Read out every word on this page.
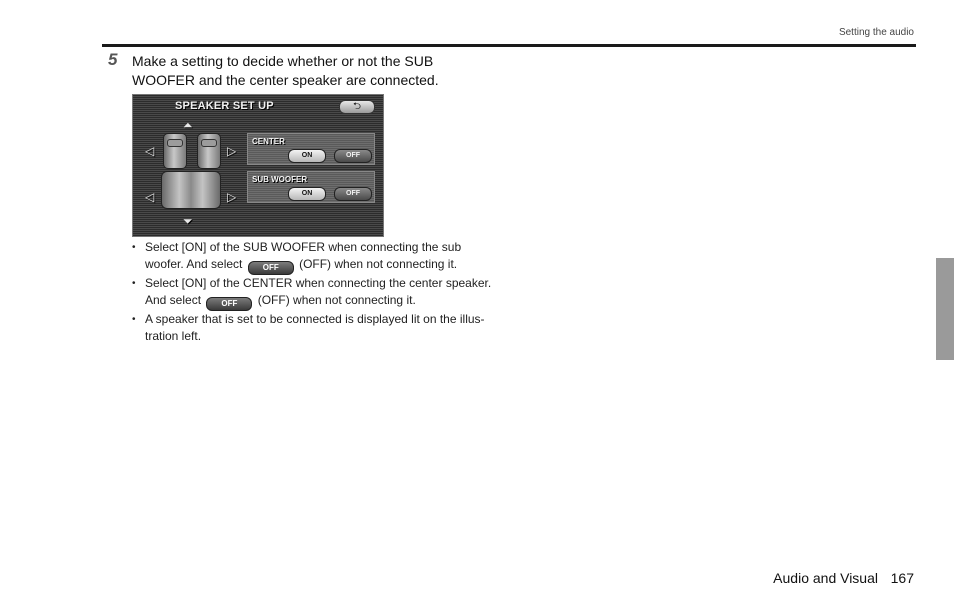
Setting the audio
5 Make a setting to decide whether or not the SUB WOOFER and the center speaker are connected.
SPEAKER SET UP	⮌
⏶
◁	▷
◁	▷
⏷
CENTER
ON	OFF
SUB WOOFER
ON	OFF
• Select [ON] of the SUB WOOFER when connecting the sub woofer. And select OFF (OFF) when not connecting it.
• Select [ON] of the CENTER when connecting the center speaker. And select OFF (OFF) when not connecting it.
• A speaker that is set to be connected is displayed lit on the illus-tration left.
Audio and Visual 167
